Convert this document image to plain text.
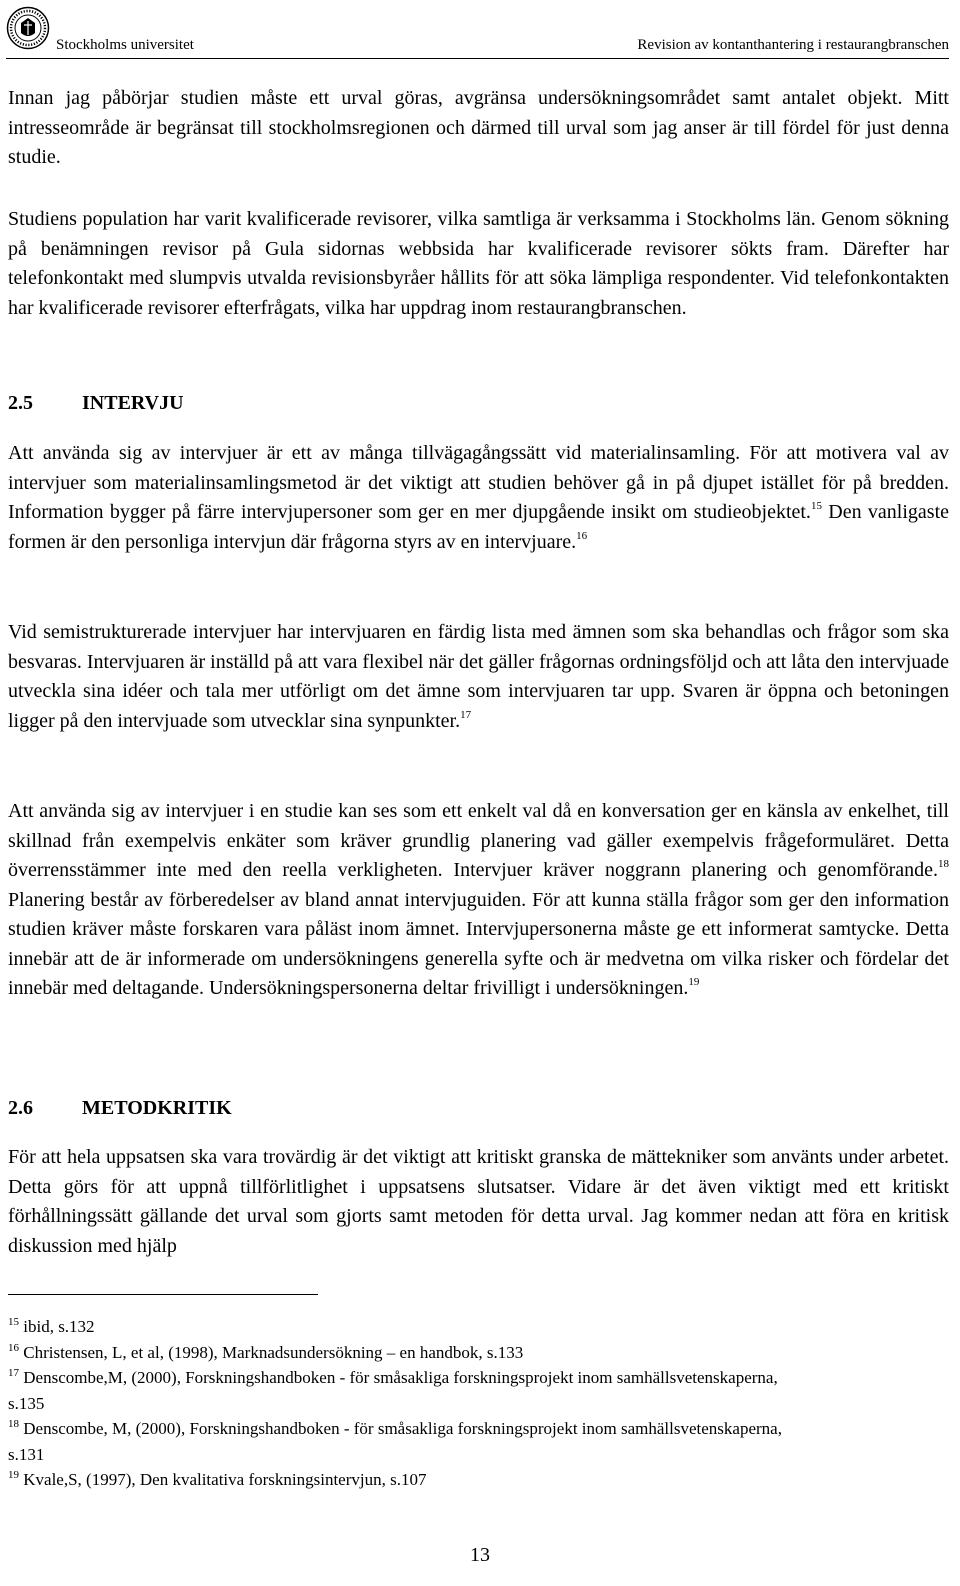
Stockholms universitet	Revision av kontanthantering i restaurangbranschen

Innan jag påbörjar studien måste ett urval göras, avgränsa undersökningsområdet samt antalet objekt. Mitt intresseområde är begränsat till stockholmsregionen och därmed till urval som jag anser är till fördel för just denna studie.

Studiens population har varit kvalificerade revisorer, vilka samtliga är verksamma i Stockholms län. Genom sökning på benämningen revisor på Gula sidornas webbsida har kvalificerade revisorer sökts fram. Därefter har telefonkontakt med slumpvis utvalda revisionsbyråer hållits för att söka lämpliga respondenter. Vid telefonkontakten har kvalificerade revisorer efterfrågats, vilka har uppdrag inom restaurangbranschen.

2.5 INTERVJU

Att använda sig av intervjuer är ett av många tillvägagångssätt vid materialinsamling. För att motivera val av intervjuer som materialinsamlingsmetod är det viktigt att studien behöver gå in på djupet istället för på bredden. Information bygger på färre intervjupersoner som ger en mer djupgående insikt om studieobjektet.$^{15}$ Den vanligaste formen är den personliga intervjun där frågorna styrs av en intervjuare.$^{16}$

Vid semistrukturerade intervjuer har intervjuaren en färdig lista med ämnen som ska behandlas och frågor som ska besvaras. Intervjuaren är inställd på att vara flexibel när det gäller frågornas ordningsföljd och att låta den intervjuade utveckla sina idéer och tala mer utförligt om det ämne som intervjuaren tar upp. Svaren är öppna och betoningen ligger på den intervjuade som utvecklar sina synpunkter.$^{17}$

Att använda sig av intervjuer i en studie kan ses som ett enkelt val då en konversation ger en känsla av enkelhet, till skillnad från exempelvis enkäter som kräver grundlig planering vad gäller exempelvis frågeformuläret. Detta överrensstämmer inte med den reella verkligheten. Intervjuer kräver noggrann planering och genomförande.$^{18}$ Planering består av förberedelser av bland annat intervjuguiden. För att kunna ställa frågor som ger den information studien kräver måste forskaren vara påläst inom ämnet. Intervjupersonerna måste ge ett informerat samtycke. Detta innebär att de är informerade om undersökningens generella syfte och är medvetna om vilka risker och fördelar det innebär med deltagande. Undersökningspersonerna deltar frivilligt i undersökningen.$^{19}$

2.6 METODKRITIK

För att hela uppsatsen ska vara trovärdig är det viktigt att kritiskt granska de mättekniker som använts under arbetet. Detta görs för att uppnå tillförlitlighet i uppsatsens slutsatser. Vidare är det även viktigt med ett kritiskt förhållningssätt gällande det urval som gjorts samt metoden för detta urval. Jag kommer nedan att föra en kritisk diskussion med hjälp

$^{15}$ ibid, s.132

$^{16}$ Christensen, L, et al, (1998), Marknadsundersökning – en handbok, s.133

$^{17}$ Denscombe,M, (2000), Forskningshandboken - för småsakliga forskningsprojekt inom samhällsvetenskaperna, s.135

$^{18}$ Denscombe, M, (2000), Forskningshandboken - för småsakliga forskningsprojekt inom samhällsvetenskaperna, s.131

$^{19}$ Kvale,S, (1997), Den kvalitativa forskningsintervjun, s.107

13
